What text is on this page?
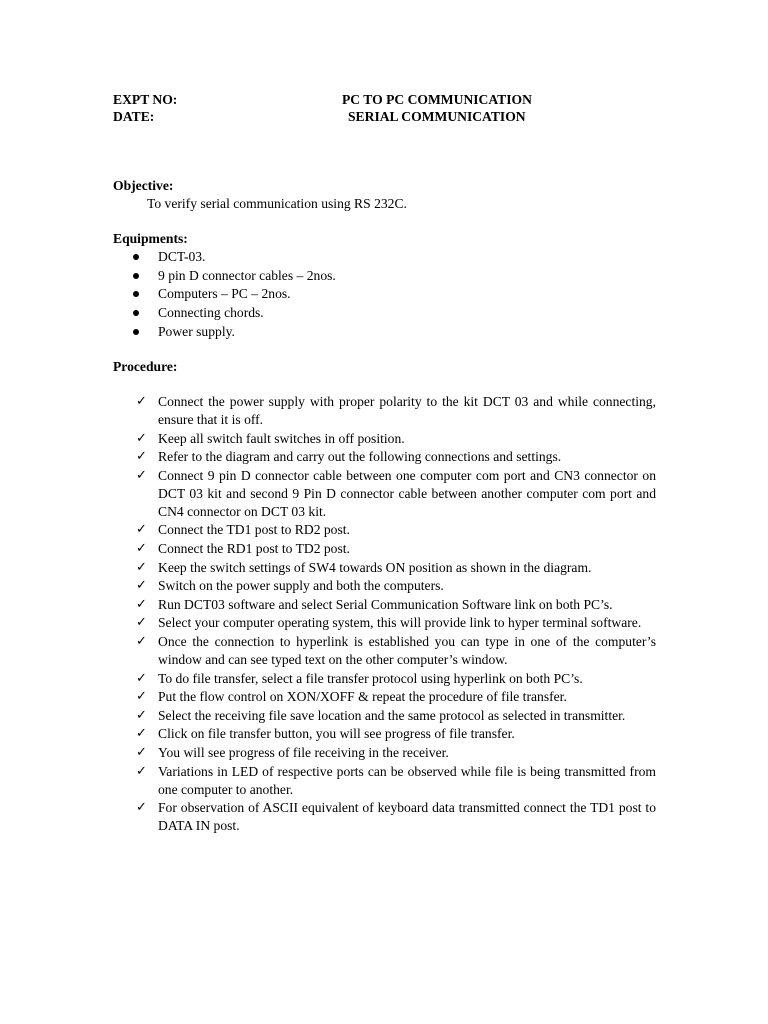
EXPT NO:
DATE:
PC TO PC COMMUNICATION
SERIAL COMMUNICATION
Objective:
To verify serial communication using RS 232C.
Equipments:
DCT-03.
9 pin D connector cables – 2nos.
Computers – PC – 2nos.
Connecting chords.
Power supply.
Procedure:
✓ Connect the power supply with proper polarity to the kit DCT 03 and while connecting, ensure that it is off.
✓ Keep all switch fault switches in off position.
✓ Refer to the diagram and carry out the following connections and settings.
✓ Connect 9 pin D connector cable between one computer com port and CN3 connector on DCT 03 kit and second 9 Pin D connector cable between another computer com port and CN4 connector on DCT 03 kit.
✓ Connect the TD1 post to RD2 post.
✓ Connect the RD1 post to TD2 post.
✓ Keep the switch settings of SW4 towards ON position as shown in the diagram.
✓ Switch on the power supply and both the computers.
✓ Run DCT03 software and select Serial Communication Software link on both PC’s.
✓ Select your computer operating system, this will provide link to hyper terminal software.
✓ Once the connection to hyperlink is established you can type in one of the computer’s window and can see typed text on the other computer’s window.
✓ To do file transfer, select a file transfer protocol using hyperlink on both PC’s.
✓ Put the flow control on XON/XOFF & repeat the procedure of file transfer.
✓ Select the receiving file save location and the same protocol as selected in transmitter.
✓ Click on file transfer button, you will see progress of file transfer.
✓ You will see progress of file receiving in the receiver.
✓ Variations in LED of respective ports can be observed while file is being transmitted from one computer to another.
✓ For observation of ASCII equivalent of keyboard data transmitted connect the TD1 post to DATA IN post.
